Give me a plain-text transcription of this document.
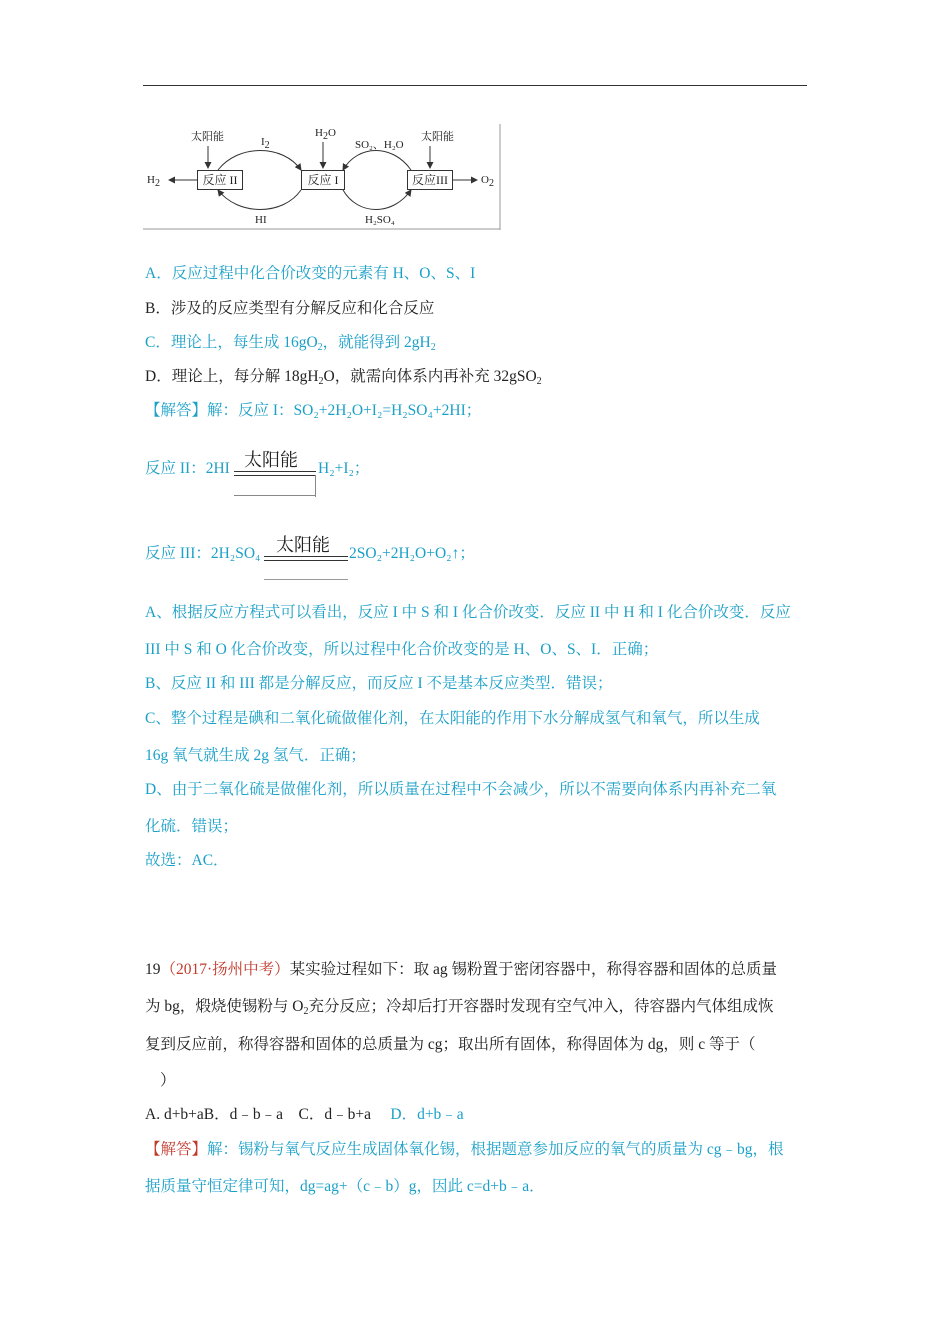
太阳能	太阳能
$I_2$
$H_2O$
SO₂、H₂O
HI	H₂SO₄
$H_2$	$O_2$
反应 II	反应 I	反应III
A．反应过程中化合价改变的元素有 H、O、S、I
B．涉及的反应类型有分解反应和化合反应
C．理论上，每生成 $16gO_2$，就能得到 $2gH_2$
D．理论上，每分解 $18gH_2O$，就需向体系内再补充 32gSO$_2$
【解答】解：反应 I：SO₂+2H₂O+I₂=H₂SO₄+2HI；
反应 II：2HI 太阳能 H₂+I₂；
反应 III：2H₂SO₄ 太阳能 2SO₂+2H₂O+O₂↑；
A、根据反应方程式可以看出，反应 I 中 S 和 I 化合价改变．反应 II 中 H 和 I 化合价改变．反应
III 中 S 和 O 化合价改变，所以过程中化合价改变的是 H、O、S、I．正确；
B、反应 II 和 III 都是分解反应，而反应 I 不是基本反应类型．错误；
C、整个过程是碘和二氧化硫做催化剂，在太阳能的作用下水分解成氢气和氧气，所以生成
16g 氧气就生成 2g 氢气．正确；
D、由于二氧化硫是做催化剂，所以质量在过程中不会减少，所以不需要向体系内再补充二氧
化硫．错误；
故选：AC．
19（2017·扬州中考）某实验过程如下：取 ag 锡粉置于密闭容器中，称得容器和固体的总质量
为 bg，煅烧使锡粉与 $O_2$充分反应；冷却后打开容器时发现有空气冲入，待容器内气体组成恢
复到反应前，称得容器和固体的总质量为 cg；取出所有固体，称得固体为 dg，则 c 等于（
）
A. d+b+aB．d﹣b﹣a　C．d﹣b+a　 D．d+b﹣a
【解答】解：锡粉与氧气反应生成固体氧化锡，根据题意参加反应的氧气的质量为 cg﹣bg，根
据质量守恒定律可知，dg=ag+（c﹣b）g，因此 c=d+b﹣a．
